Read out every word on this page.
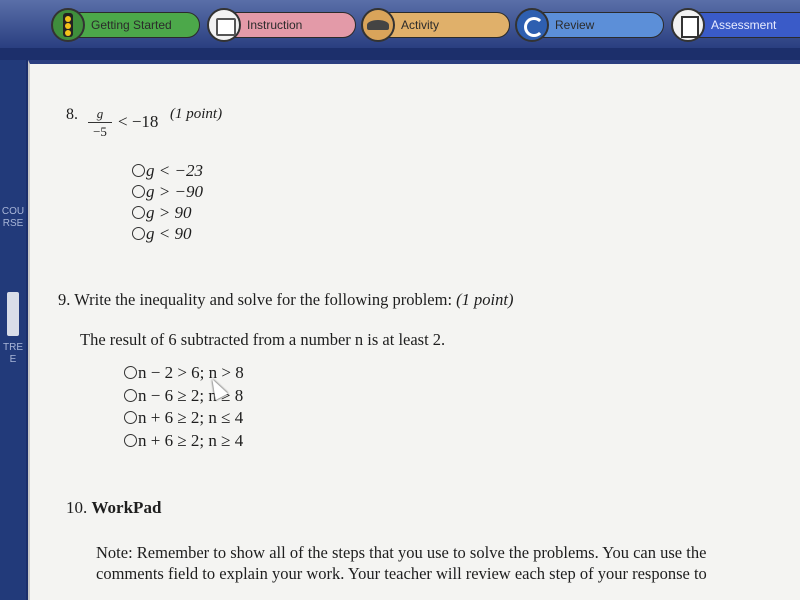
Getting Started	Instruction	Activity	Review	Assessment
COURSE
TREE
8.	g
−5
< −18 (1 point)
g < −23
g > −90
g > 90
g < 90
9. Write the inequality and solve for the following problem: (1 point)
The result of 6 subtracted from a number n is at least 2.
n − 2 > 6; n > 8
n − 6 ≥ 2; n ≥ 8
n + 6 ≥ 2; n ≤ 4
n + 6 ≥ 2; n ≥ 4
10. WorkPad
Note: Remember to show all of the steps that you use to solve the problems. You can use the
comments field to explain your work. Your teacher will review each step of your response to
